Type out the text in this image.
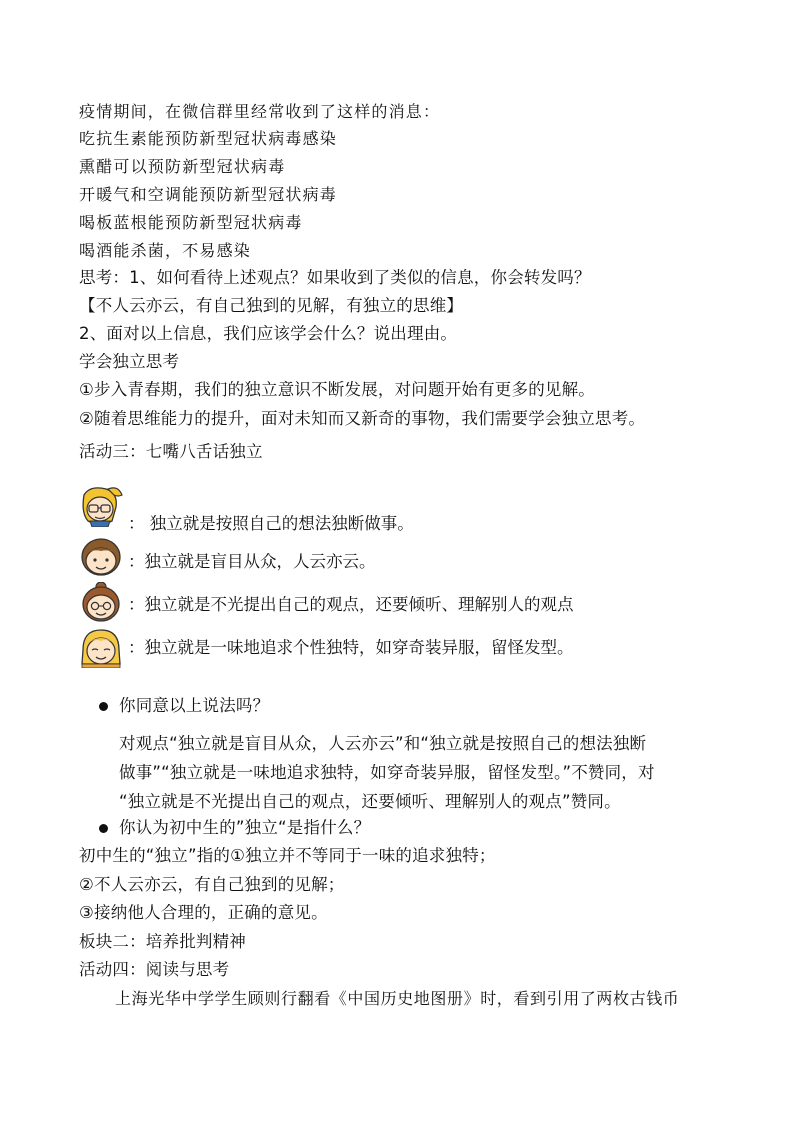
疫情期间，在微信群里经常收到了这样的消息：
吃抗生素能预防新型冠状病毒感染
熏醋可以预防新型冠状病毒
开暖气和空调能预防新型冠状病毒
喝板蓝根能预防新型冠状病毒
喝酒能杀菌，不易感染
思考：1、如何看待上述观点？如果收到了类似的信息，你会转发吗？
【不人云亦云，有自己独到的见解，有独立的思维】
2、面对以上信息，我们应该学会什么？说出理由。
学会独立思考
①步入青春期，我们的独立意识不断发展，对问题开始有更多的见解。
②随着思维能力的提升，面对未知而又新奇的事物，我们需要学会独立思考。
活动三：七嘴八舌话独立
： 独立就是按照自己的想法独断做事。
：独立就是盲目从众，人云亦云。
：独立就是不光提出自己的观点，还要倾听、理解别人的观点
：独立就是一味地追求个性独特，如穿奇装异服，留怪发型。
你同意以上说法吗？
对观点“独立就是盲目从众，人云亦云”和“独立就是按照自己的想法独断
做事”“独立就是一味地追求独特，如穿奇装异服，留怪发型。”不赞同，对
“独立就是不光提出自己的观点，还要倾听、理解别人的观点”赞同。
你认为初中生的”独立“是指什么？
初中生的“独立”指的①独立并不等同于一味的追求独特；
②不人云亦云，有自己独到的见解；
③接纳他人合理的，正确的意见。
板块二：培养批判精神
活动四：阅读与思考
上海光华中学学生顾则行翻看《中国历史地图册》时，看到引用了两枚古钱币
